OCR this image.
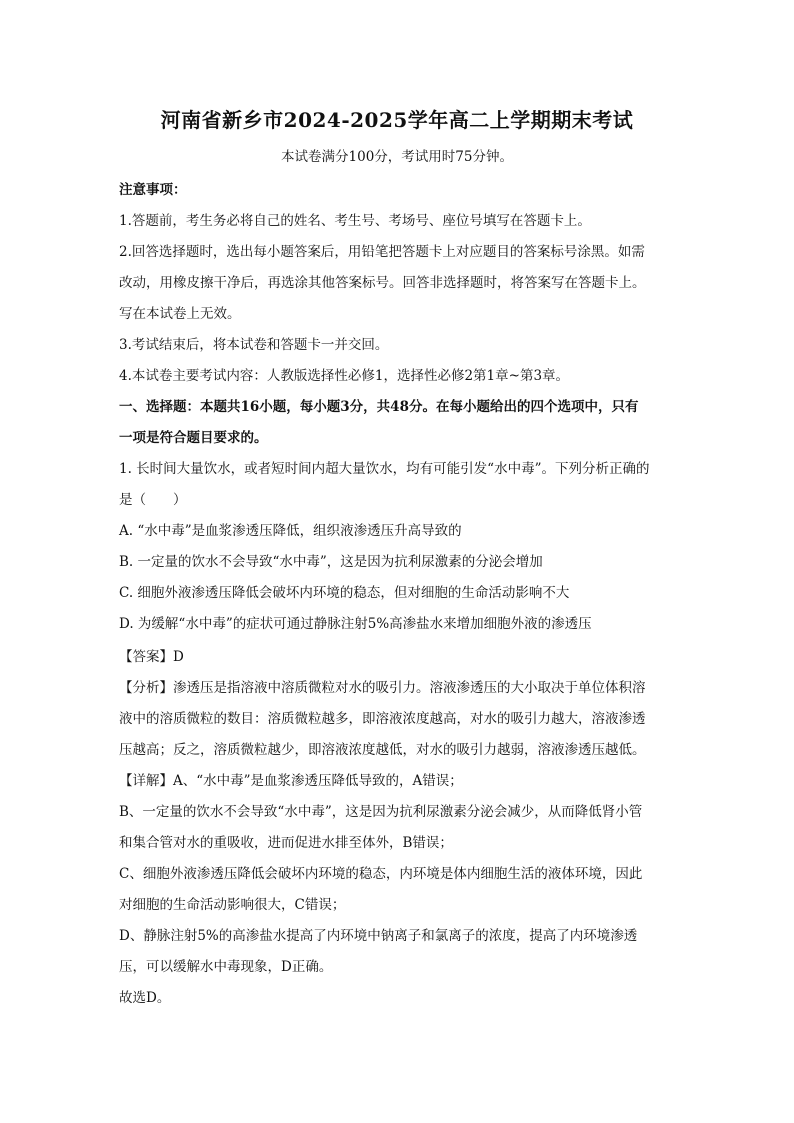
河南省新乡市2024-2025学年高二上学期期末考试
本试卷满分100分，考试用时75分钟。
注意事项：
1.答题前，考生务必将自己的姓名、考生号、考场号、座位号填写在答题卡上。
2.回答选择题时，选出每小题答案后，用铅笔把答题卡上对应题目的答案标号涂黑。如需
改动，用橡皮擦干净后，再选涂其他答案标号。回答非选择题时，将答案写在答题卡上。
写在本试卷上无效。
3.考试结束后，将本试卷和答题卡一并交回。
4.本试卷主要考试内容：人教版选择性必修1，选择性必修2第1章~第3章。
一、选择题：本题共16小题，每小题3分，共48分。在每小题给出的四个选项中，只有
一项是符合题目要求的。
1. 长时间大量饮水，或者短时间内超大量饮水，均有可能引发“水中毒”。下列分析正确的
是（　　）
A. “水中毒”是血浆渗透压降低，组织液渗透压升高导致的
B. 一定量的饮水不会导致“水中毒”，这是因为抗利尿激素的分泌会增加
C. 细胞外液渗透压降低会破坏内环境的稳态，但对细胞的生命活动影响不大
D. 为缓解“水中毒”的症状可通过静脉注射5%高渗盐水来增加细胞外液的渗透压
【答案】D
【分析】渗透压是指溶液中溶质微粒对水的吸引力。溶液渗透压的大小取决于单位体积溶
液中的溶质微粒的数目：溶质微粒越多，即溶液浓度越高，对水的吸引力越大，溶液渗透
压越高；反之，溶质微粒越少，即溶液浓度越低，对水的吸引力越弱，溶液渗透压越低。
【详解】A、“水中毒”是血浆渗透压降低导致的，A错误；
B、一定量的饮水不会导致“水中毒”，这是因为抗利尿激素分泌会减少，从而降低肾小管
和集合管对水的重吸收，进而促进水排至体外，B错误；
C、细胞外液渗透压降低会破坏内环境的稳态，内环境是体内细胞生活的液体环境，因此
对细胞的生命活动影响很大，C错误；
D、静脉注射5%的高渗盐水提高了内环境中钠离子和氯离子的浓度，提高了内环境渗透
压，可以缓解水中毒现象，D正确。
故选D。
